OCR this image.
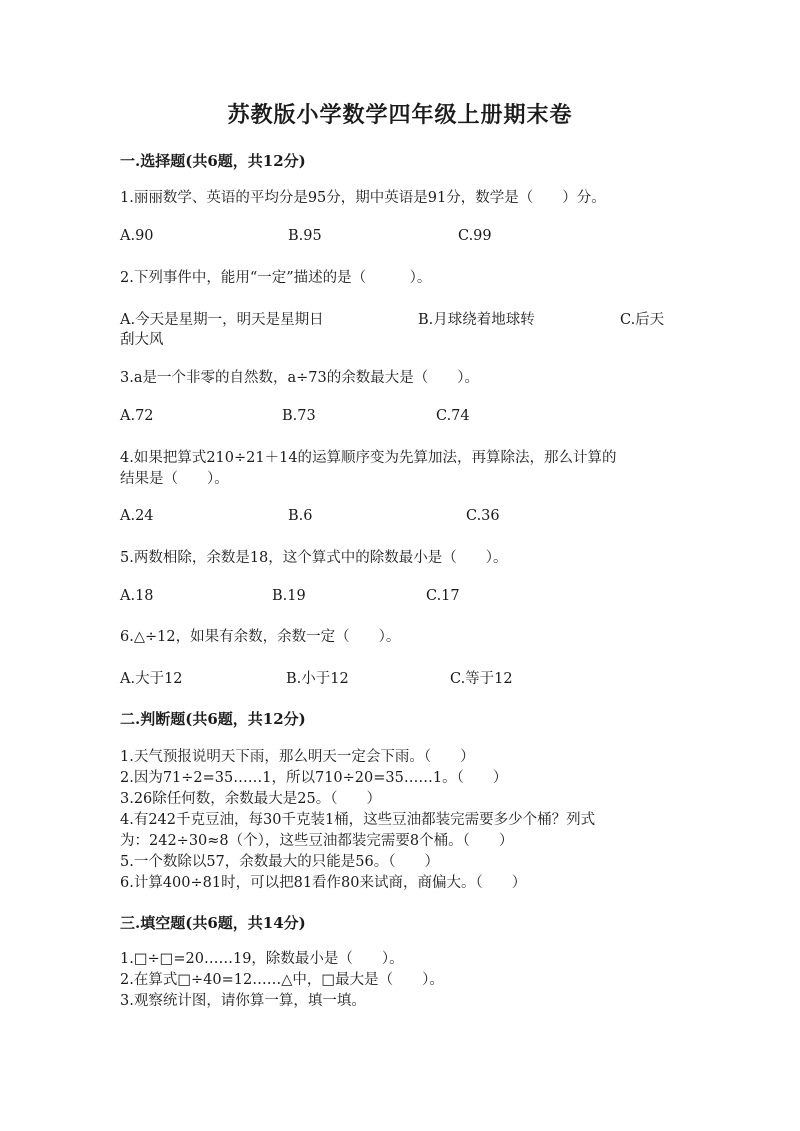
苏教版小学数学四年级上册期末卷
一.选择题(共6题，共12分)
1.丽丽数学、英语的平均分是95分，期中英语是91分，数学是（　　）分。
A.90	B.95	C.99
2.下列事件中，能用“一定”描述的是（　　　）。
A.今天是星期一，明天是星期日	B.月球绕着地球转	C.后天
刮大风
3.a是一个非零的自然数，a÷73的余数最大是（　　）。
A.72	B.73	C.74
4.如果把算式210÷21＋14的运算顺序变为先算加法，再算除法，那么计算的
结果是（　　）。
A.24	B.6	C.36
5.两数相除，余数是18，这个算式中的除数最小是（　　）。
A.18	B.19	C.17
6.△÷12，如果有余数，余数一定（　　）。
A.大于12	B.小于12	C.等于12
二.判断题(共6题，共12分)
1.天气预报说明天下雨，那么明天一定会下雨。（　　）
2.因为71÷2=35……1，所以710÷20=35……1。（　　）
3.26除任何数，余数最大是25。（　　）
4.有242千克豆油，每30千克装1桶，这些豆油都装完需要多少个桶？列式
为：242÷30≈8（个），这些豆油都装完需要8个桶。（　　）
5.一个数除以57，余数最大的只能是56。（　　）
6.计算400÷81时，可以把81看作80来试商，商偏大。（　　）
三.填空题(共6题，共14分)
1.□÷□=20……19，除数最小是（　　）。
2.在算式□÷40=12……△中，□最大是（　　）。
3.观察统计图，请你算一算，填一填。
